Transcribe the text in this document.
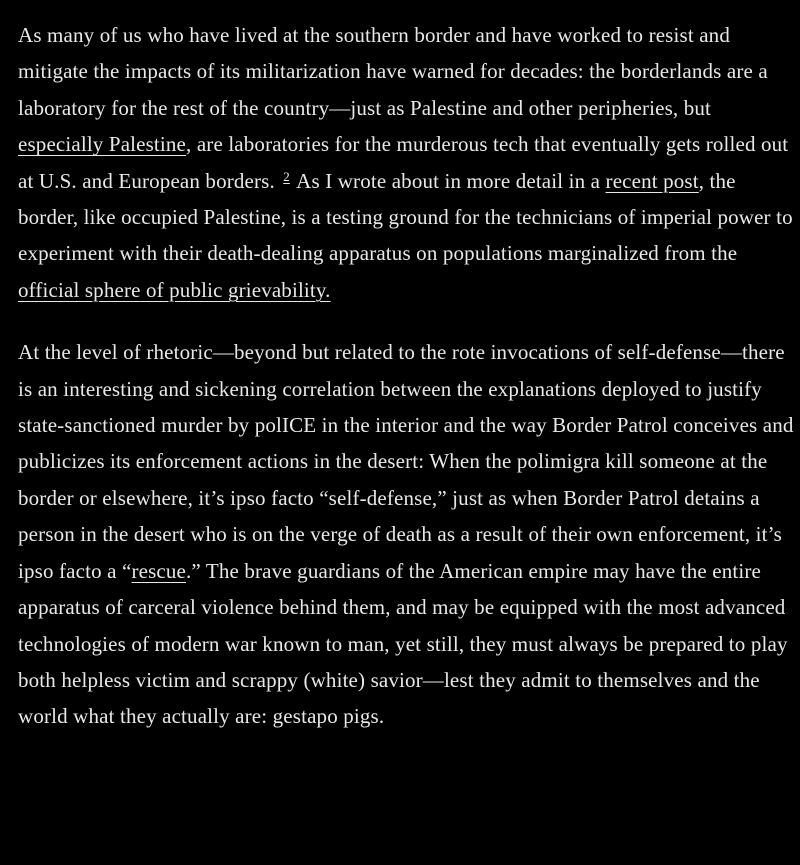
As many of us who have lived at the southern border and have worked to resist and mitigate the impacts of its militarization have warned for decades: the borderlands are a laboratory for the rest of the country—just as Palestine and other peripheries, but especially Palestine, are laboratories for the murderous tech that eventually gets rolled out at U.S. and European borders. $^2$ As I wrote about in more detail in a recent post, the border, like occupied Palestine, is a testing ground for the technicians of imperial power to experiment with their death-dealing apparatus on populations marginalized from the official sphere of public grievability.

At the level of rhetoric—beyond but related to the rote invocations of self-defense—there is an interesting and sickening correlation between the explanations deployed to justify state-sanctioned murder by polICE in the interior and the way Border Patrol conceives and publicizes its enforcement actions in the desert: When the polimigra kill someone at the border or elsewhere, it’s ipso facto “self-defense,” just as when Border Patrol detains a person in the desert who is on the verge of death as a result of their own enforcement, it’s ipso facto a “rescue.” The brave guardians of the American empire may have the entire apparatus of carceral violence behind them, and may be equipped with the most advanced technologies of modern war known to man, yet still, they must always be prepared to play both helpless victim and scrappy (white) savior—lest they admit to themselves and the world what they actually are: gestapo pigs.
